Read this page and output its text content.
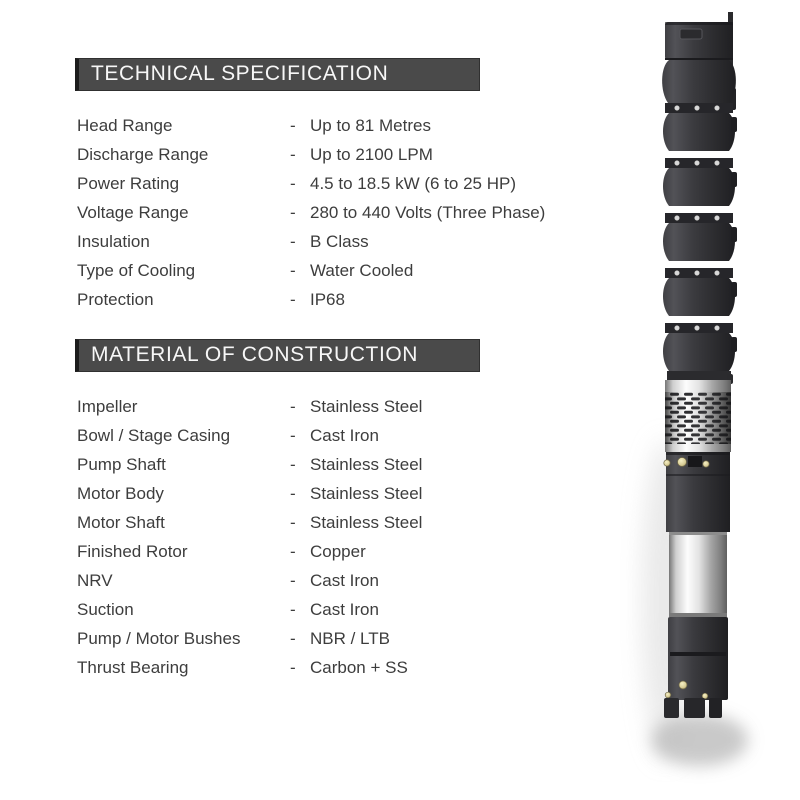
TECHNICAL SPECIFICATION
Head Range	- Up to 81 Metres
Discharge Range	- Up to 2100 LPM
Power Rating	- 4.5 to 18.5 kW (6 to 25 HP)
Voltage Range	- 280 to 440 Volts (Three Phase)
Insulation	- B Class
Type of Cooling	- Water Cooled
Protection	- IP68
MATERIAL OF CONSTRUCTION
Impeller	- Stainless Steel
Bowl / Stage Casing	- Cast Iron
Pump Shaft	- Stainless Steel
Motor Body	- Stainless Steel
Motor Shaft	- Stainless Steel
Finished Rotor	- Copper
NRV	- Cast Iron
Suction	- Cast Iron
Pump / Motor Bushes	- NBR / LTB
Thrust Bearing	- Carbon + SS
